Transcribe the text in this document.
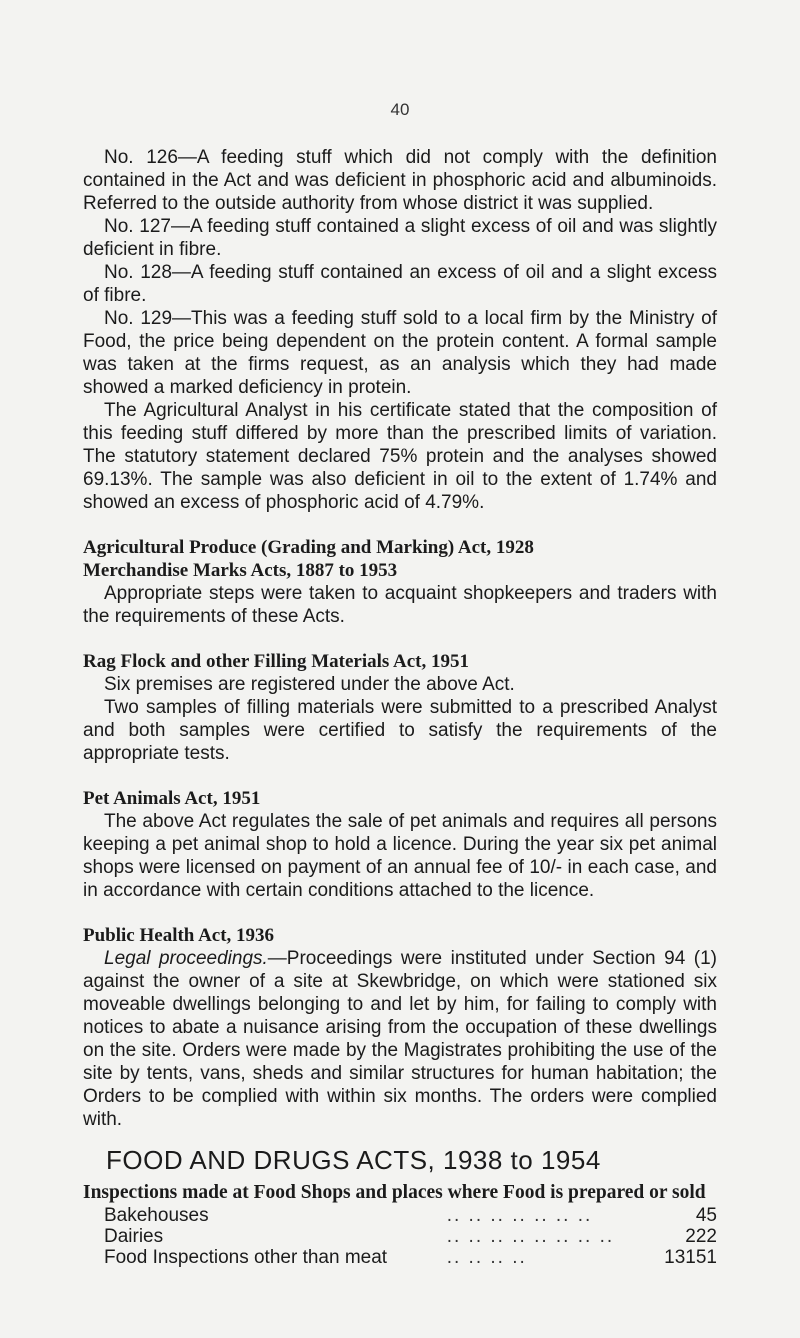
40

No. 126—A feeding stuff which did not comply with the definition contained in the Act and was deficient in phosphoric acid and albuminoids. Referred to the outside authority from whose district it was supplied.

No. 127—A feeding stuff contained a slight excess of oil and was slightly deficient in fibre.

No. 128—A feeding stuff contained an excess of oil and a slight excess of fibre.

No. 129—This was a feeding stuff sold to a local firm by the Ministry of Food, the price being dependent on the protein content. A formal sample was taken at the firms request, as an analysis which they had made showed a marked deficiency in protein.

The Agricultural Analyst in his certificate stated that the composition of this feeding stuff differed by more than the prescribed limits of variation. The statutory statement declared 75% protein and the analyses showed 69.13%. The sample was also deficient in oil to the extent of 1.74% and showed an excess of phosphoric acid of 4.79%.

Agricultural Produce (Grading and Marking) Act, 1928

Merchandise Marks Acts, 1887 to 1953

Appropriate steps were taken to acquaint shopkeepers and traders with the requirements of these Acts.

Rag Flock and other Filling Materials Act, 1951

Six premises are registered under the above Act.

Two samples of filling materials were submitted to a prescribed Analyst and both samples were certified to satisfy the requirements of the appropriate tests.

Pet Animals Act, 1951

The above Act regulates the sale of pet animals and requires all persons keeping a pet animal shop to hold a licence. During the year six pet animal shops were licensed on payment of an annual fee of 10/- in each case, and in accordance with certain conditions attached to the licence.

Public Health Act, 1936

Legal proceedings.—Proceedings were instituted under Section 94 (1) against the owner of a site at Skewbridge, on which were stationed six moveable dwellings belonging to and let by him, for failing to comply with notices to abate a nuisance arising from the occupation of these dwellings on the site. Orders were made by the Magistrates prohibiting the use of the site by tents, vans, sheds and similar structures for human habitation; the Orders to be complied with within six months. The orders were complied with.

FOOD AND DRUGS ACTS, 1938 to 1954

Inspections made at Food Shops and places where Food is prepared or sold

Bakehouses	.. .. .. .. .. .. ..	45
Dairies	.. .. .. .. .. .. .. ..	222
Food Inspections other than meat	.. .. .. ..	13151
